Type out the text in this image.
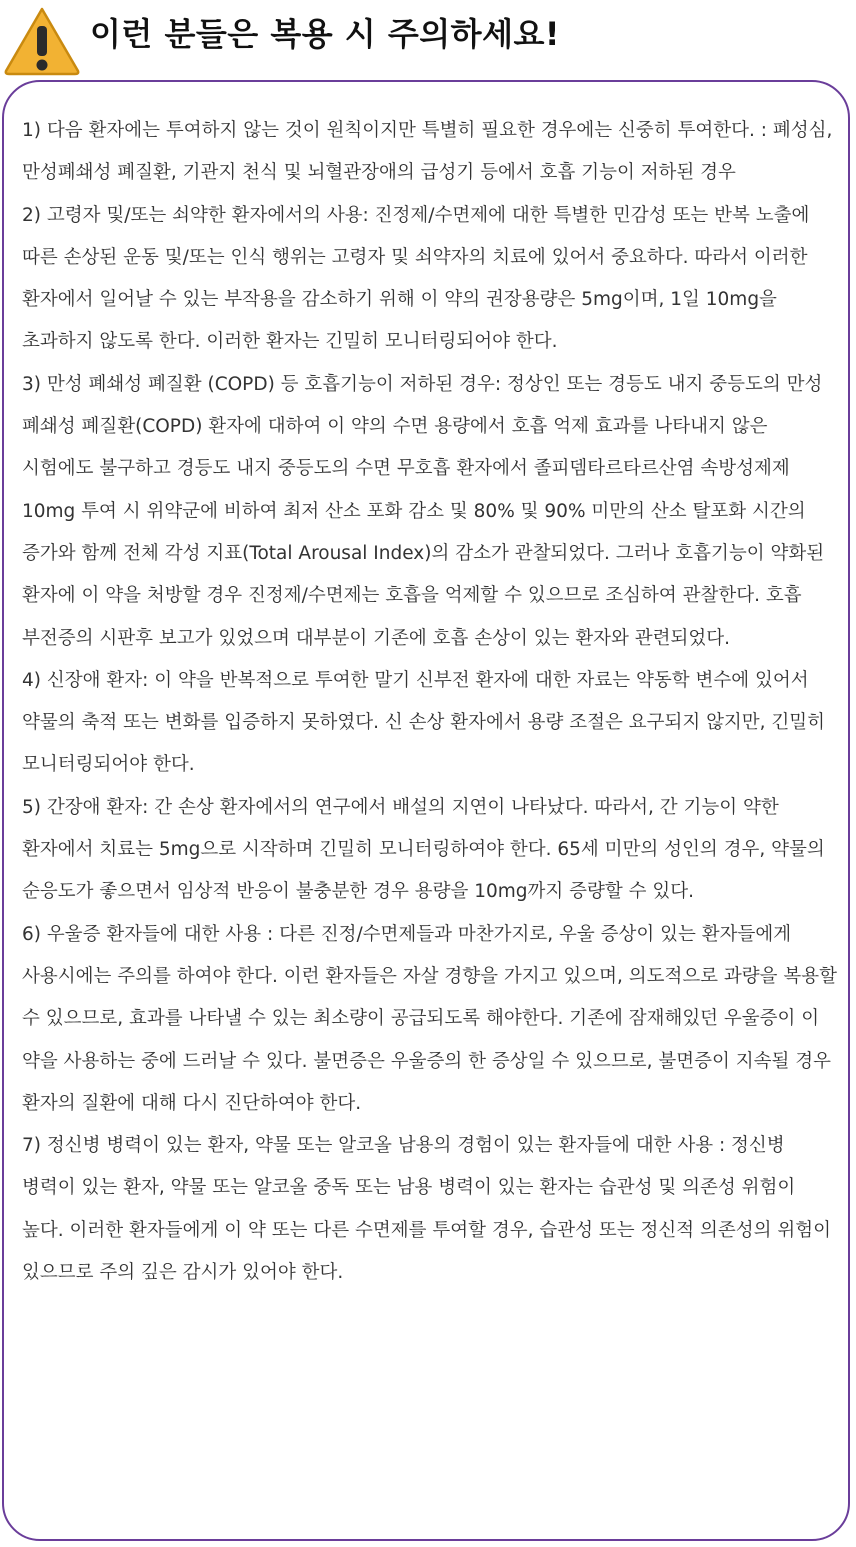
이런 분들은 복용 시 주의하세요!

1) 다음 환자에는 투여하지 않는 것이 원칙이지만 특별히 필요한 경우에는 신중히 투여한다. : 폐성심, 만성폐쇄성 폐질환, 기관지 천식 및 뇌혈관장애의 급성기 등에서 호흡 기능이 저하된 경우

2) 고령자 및/또는 쇠약한 환자에서의 사용: 진정제/수면제에 대한 특별한 민감성 또는 반복 노출에 따른 손상된 운동 및/또는 인식 행위는 고령자 및 쇠약자의 치료에 있어서 중요하다. 따라서 이러한 환자에서 일어날 수 있는 부작용을 감소하기 위해 이 약의 권장용량은 5mg이며, 1일 10mg을 초과하지 않도록 한다. 이러한 환자는 긴밀히 모니터링되어야 한다.

3) 만성 폐쇄성 폐질환 (COPD) 등 호흡기능이 저하된 경우: 정상인 또는 경등도 내지 중등도의 만성 폐쇄성 폐질환(COPD) 환자에 대하여 이 약의 수면 용량에서 호흡 억제 효과를 나타내지 않은 시험에도 불구하고 경등도 내지 중등도의 수면 무호흡 환자에서 졸피뎀타르타르산염 속방성제제 10mg 투여 시 위약군에 비하여 최저 산소 포화 감소 및 80% 및 90% 미만의 산소 탈포화 시간의 증가와 함께 전체 각성 지표(Total Arousal Index)의 감소가 관찰되었다. 그러나 호흡기능이 약화된 환자에 이 약을 처방할 경우 진정제/수면제는 호흡을 억제할 수 있으므로 조심하여 관찰한다. 호흡 부전증의 시판후 보고가 있었으며 대부분이 기존에 호흡 손상이 있는 환자와 관련되었다.

4) 신장애 환자: 이 약을 반복적으로 투여한 말기 신부전 환자에 대한 자료는 약동학 변수에 있어서 약물의 축적 또는 변화를 입증하지 못하였다. 신 손상 환자에서 용량 조절은 요구되지 않지만, 긴밀히 모니터링되어야 한다.

5) 간장애 환자: 간 손상 환자에서의 연구에서 배설의 지연이 나타났다. 따라서, 간 기능이 약한 환자에서 치료는 5mg으로 시작하며 긴밀히 모니터링하여야 한다. 65세 미만의 성인의 경우, 약물의 순응도가 좋으면서 임상적 반응이 불충분한 경우 용량을 10mg까지 증량할 수 있다.

6) 우울증 환자들에 대한 사용 : 다른 진정/수면제들과 마찬가지로, 우울 증상이 있는 환자들에게 사용시에는 주의를 하여야 한다. 이런 환자들은 자살 경향을 가지고 있으며, 의도적으로 과량을 복용할 수 있으므로, 효과를 나타낼 수 있는 최소량이 공급되도록 해야한다. 기존에 잠재해있던 우울증이 이 약을 사용하는 중에 드러날 수 있다. 불면증은 우울증의 한 증상일 수 있으므로, 불면증이 지속될 경우 환자의 질환에 대해 다시 진단하여야 한다.

7) 정신병 병력이 있는 환자, 약물 또는 알코올 남용의 경험이 있는 환자들에 대한 사용 : 정신병 병력이 있는 환자, 약물 또는 알코올 중독 또는 남용 병력이 있는 환자는 습관성 및 의존성 위험이 높다. 이러한 환자들에게 이 약 또는 다른 수면제를 투여할 경우, 습관성 또는 정신적 의존성의 위험이 있으므로 주의 깊은 감시가 있어야 한다.
